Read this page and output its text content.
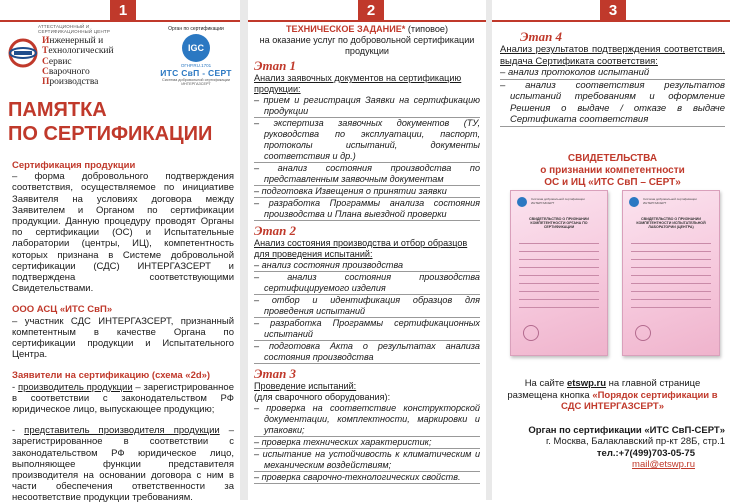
1
АТТЕСТАЦИОННЫЙ И СЕРТИФИКАЦИОННЫЙ ЦЕНТР
Инженерный и
Технологический
Сервис
Сварочного
Производства
Орган по сертификации
IGC
ОГНР.RU.1701
ИТС СвП - СЕРТ
Система добровольной сертификации ИНТЕРГАЗСЕРТ
ПАМЯТКА
ПО СЕРТИФИКАЦИИ
Сертификация продукции
– форма добровольного подтверждения соответствия, осуществляемое по инициативе Заявителя на условиях договора между Заявителем и Органом по сертификации продукции. Данную процедуру проводят Органы по сертификации (ОС) и Испытательные лаборатории (центры, ИЦ), компетентность которых признана в Системе добровольной сертификации (СДС) ИНТЕРГАЗСЕРТ и подтверждена соответствующими Свидетельствами.
ООО АСЦ «ИТС СвП»
– участник СДС ИНТЕРГАЗСЕРТ, признанный компетентным в качестве Органа по сертификации продукции и Испытательного Центра.
Заявители на сертификацию (схема «2d»)
- производитель продукции – зарегистрированное в соответствии с законодательством РФ юридическое лицо, выпускающее продукцию;
- представитель производителя продукции – зарегистрированное в соответствии с законодательством РФ юридическое лицо, выполняющее функции представителя производителя на основании договора с ним в части обеспечения ответственности за несоответствие продукции требованиям.
2
ТЕХНИЧЕСКОЕ ЗАДАНИЕ* (типовое)
на оказание услуг по добровольной сертификации продукции
Этап 1
Анализ заявочных документов на сертификацию продукции:
– прием и регистрация Заявки на сертификацию продукции
– экспертиза заявочных документов (ТУ, руководства по эксплуатации, паспорт, протоколы испытаний, документы соответствия и др.)
– анализ состояния производства по представленным заявочным документам
– подготовка Извещения о принятии заявки
– разработка Программы анализа состояния производства и Плана выездной проверки
Этап 2
Анализ состояния производства и отбор образцов для проведения испытаний:
– анализ состояния производства
– анализ состояния производства сертифицируемого изделия
– отбор и идентификация образцов для проведения испытаний
– разработка Программы сертификационных испытаний
– подготовка Акта о результатах анализа состояния производства
Этап 3
Проведение испытаний:
(для сварочного оборудования):
– проверка на соответствие конструкторской документации, комплектности, маркировки и упаковки;
– проверка технических характеристик;
– испытание на устойчивость к климатическим и механическим воздействиям;
– проверка сварочно-технологических свойств.
3
Этап 4
Анализ результатов подтверждения соответствия, выдача Сертификата соответствия:
– анализ протоколов испытаний
– анализ соответствия результатов испытаний требованиям и оформление Решения о выдаче / отказе в выдаче Сертификата соответствия
СВИДЕТЕЛЬСТВА
о признании компетентности
ОС и ИЦ «ИТС СвП – СЕРТ»
Система добровольной сертификации ИНТЕРГАЗСЕРТ
СВИДЕТЕЛЬСТВО О ПРИЗНАНИИ КОМПЕТЕНТНОСТИ ОРГАНА ПО СЕРТИФИКАЦИИ
Система добровольной сертификации ИНТЕРГАЗСЕРТ
СВИДЕТЕЛЬСТВО О ПРИЗНАНИИ КОМПЕТЕНТНОСТИ ИСПЫТАТЕЛЬНОЙ ЛАБОРАТОРИИ (ЦЕНТРА)
На сайте etswp.ru на главной странице размещена кнопка «Порядок сертификации в СДС ИНТЕРГАЗСЕРТ»
Орган по сертификации «ИТС СвП-СЕРТ»
г. Москва, Балаклавский пр-кт 28Б, стр.1
тел.:+7(499)703-05-75
mail@etswp.ru
